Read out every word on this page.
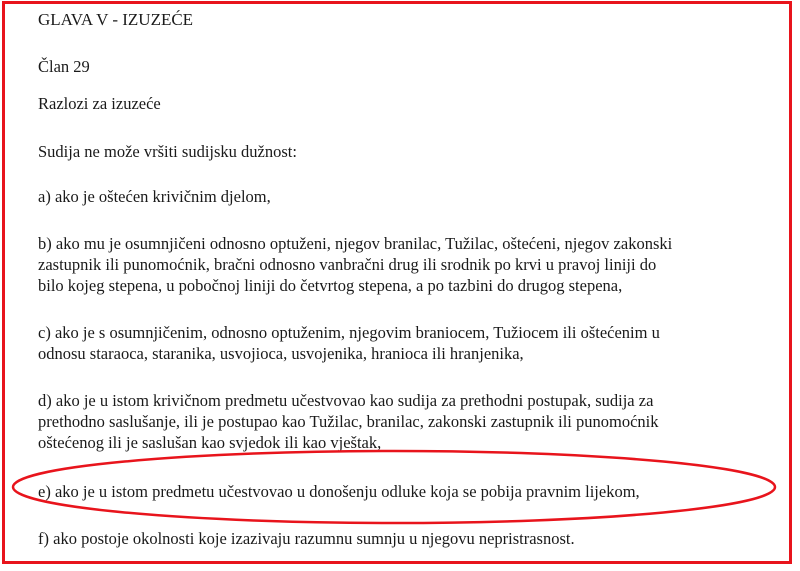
GLAVA V - IZUZEĆE

Član 29

Razlozi za izuzeće

Sudija ne može vršiti sudijsku dužnost:

a) ako je oštećen krivičnim djelom,

b) ako mu je osumnjičeni odnosno optuženi, njegov branilac, Tužilac, oštećeni, njegov zakonski
zastupnik ili punomoćnik, bračni odnosno vanbračni drug ili srodnik po krvi u pravoj liniji do
bilo kojeg stepena, u pobočnoj liniji do četvrtog stepena, a po tazbini do drugog stepena,

c) ako je s osumnjičenim, odnosno optuženim, njegovim braniocem, Tužiocem ili oštećenim u
odnosu staraoca, staranika, usvojioca, usvojenika, hranioca ili hranjenika,

d) ako je u istom krivičnom predmetu učestvovao kao sudija za prethodni postupak, sudija za
prethodno saslušanje, ili je postupao kao Tužilac, branilac, zakonski zastupnik ili punomoćnik
oštećenog ili je saslušan kao svjedok ili kao vještak,

e) ako je u istom predmetu učestvovao u donošenju odluke koja se pobija pravnim lijekom,

f) ako postoje okolnosti koje izazivaju razumnu sumnju u njegovu nepristrasnost.
